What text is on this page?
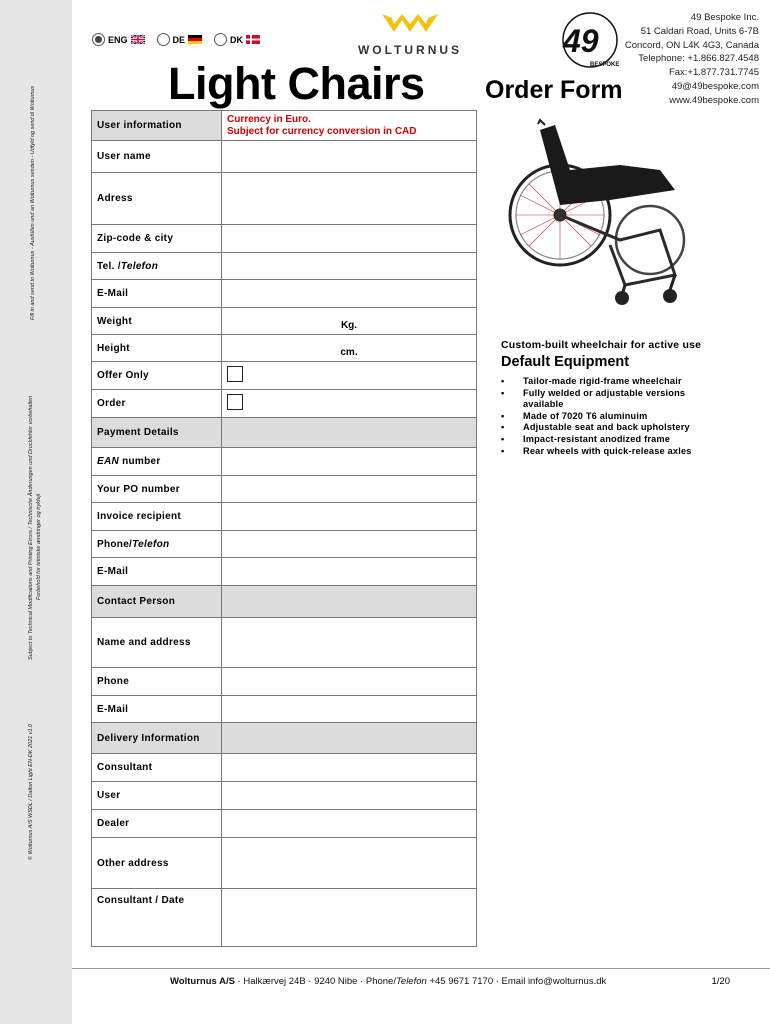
Fill in and send to Wolturnus - Ausfüllen und an Wolturnus senden - Udfyld og send til Wolturnus
Subject to Technical Modifications and Printing Errors / Technische Änderungen und Druckfehler vorbehalten Forbehold for tekniske ændringer og trykfejl
© Wolturnus A/S WSDL / Dalton Light EN-DK 2021 v1.0
ENG	DE	DK
WOLTURNUS
Light Chairs Order Form
49
BESPOKE
49 Bespoke Inc.
51 Caldari Road, Units 6-7B
Concord, ON L4K 4G3, Canada
Telephone: +1.866.827.4548
Fax:+1.877.731.7745
49@49bespoke.com
www.49bespoke.com
User information	Currency in Euro.
Subject for currency conversion in CAD

User name	
Adress	
Zip-code & city	
Tel. /Telefon	
E-Mail	
Weight	Kg.

Height	cm.

Offer Only	
Order	
Payment Details	
EAN number	
Your PO number	
Invoice recipient	
Phone/Telefon	
E-Mail	
Contact Person	
Name and address	
Phone	
E-Mail	
Delivery Information	
Consultant	
User	
Dealer	
Other address	
Consultant / Date	
Custom-built wheelchair for active use
Default Equipment
• Tailor-made rigid-frame wheelchair
• Fully welded or adjustable versions available
• Made of 7020 T6 aluminuim
• Adjustable seat and back upholstery
• Impact-resistant anodized frame
• Rear wheels with quick-release axles
Wolturnus A/S · Halkærvej 24B · 9240 Nibe · Phone/Telefon +45 9671 7170 · Email info@wolturnus.dk	1/20
